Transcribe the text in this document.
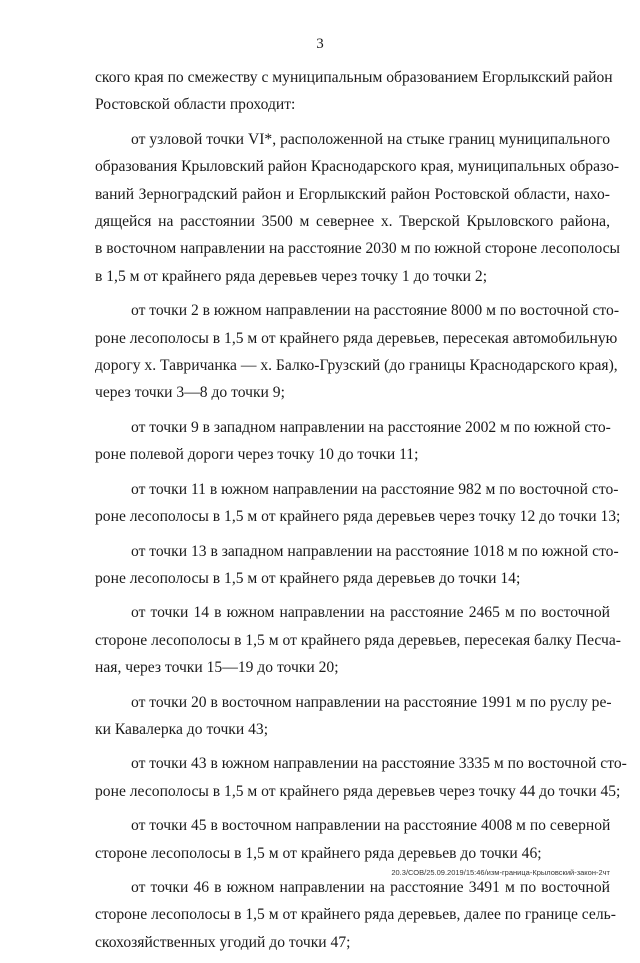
3

ского края по смежеству с муниципальным образованием Егорлыкский район
Ростовской области проходит:

от узловой точки VI*, расположенной на стыке границ муниципального
образования Крыловский район Краснодарского края, муниципальных образо-
ваний Зерноградский район и Егорлыкский район Ростовской области, нахо-
дящейся на расстоянии 3500 м севернее х. Тверской Крыловского района,
в восточном направлении на расстояние 2030 м по южной стороне лесополосы
в 1,5 м от крайнего ряда деревьев через точку 1 до точки 2;

от точки 2 в южном направлении на расстояние 8000 м по восточной сто-
роне лесополосы в 1,5 м от крайнего ряда деревьев, пересекая автомобильную
дорогу х. Тавричанка — х. Балко-Грузский (до границы Краснодарского края),
через точки 3—8 до точки 9;

от точки 9 в западном направлении на расстояние 2002 м по южной сто-
роне полевой дороги через точку 10 до точки 11;

от точки 11 в южном направлении на расстояние 982 м по восточной сто-
роне лесополосы в 1,5 м от крайнего ряда деревьев через точку 12 до точки 13;

от точки 13 в западном направлении на расстояние 1018 м по южной сто-
роне лесополосы в 1,5 м от крайнего ряда деревьев до точки 14;

от точки 14 в южном направлении на расстояние 2465 м по восточной
стороне лесополосы в 1,5 м от крайнего ряда деревьев, пересекая балку Песча-
ная, через точки 15—19 до точки 20;

от точки 20 в восточном направлении на расстояние 1991 м по руслу ре-
ки Кавалерка до точки 43;

от точки 43 в южном направлении на расстояние 3335 м по восточной сто-
роне лесополосы в 1,5 м от крайнего ряда деревьев через точку 44 до точки 45;

от точки 45 в восточном направлении на расстояние 4008 м по северной
стороне лесополосы в 1,5 м от крайнего ряда деревьев до точки 46;

от точки 46 в южном направлении на расстояние 3491 м по восточной
стороне лесополосы в 1,5 м от крайнего ряда деревьев, далее по границе сель-
скохозяйственных угодий до точки 47;

20.3/СОВ/25.09.2019/15:46/изм-граница-Крыловский-закон-2чт
